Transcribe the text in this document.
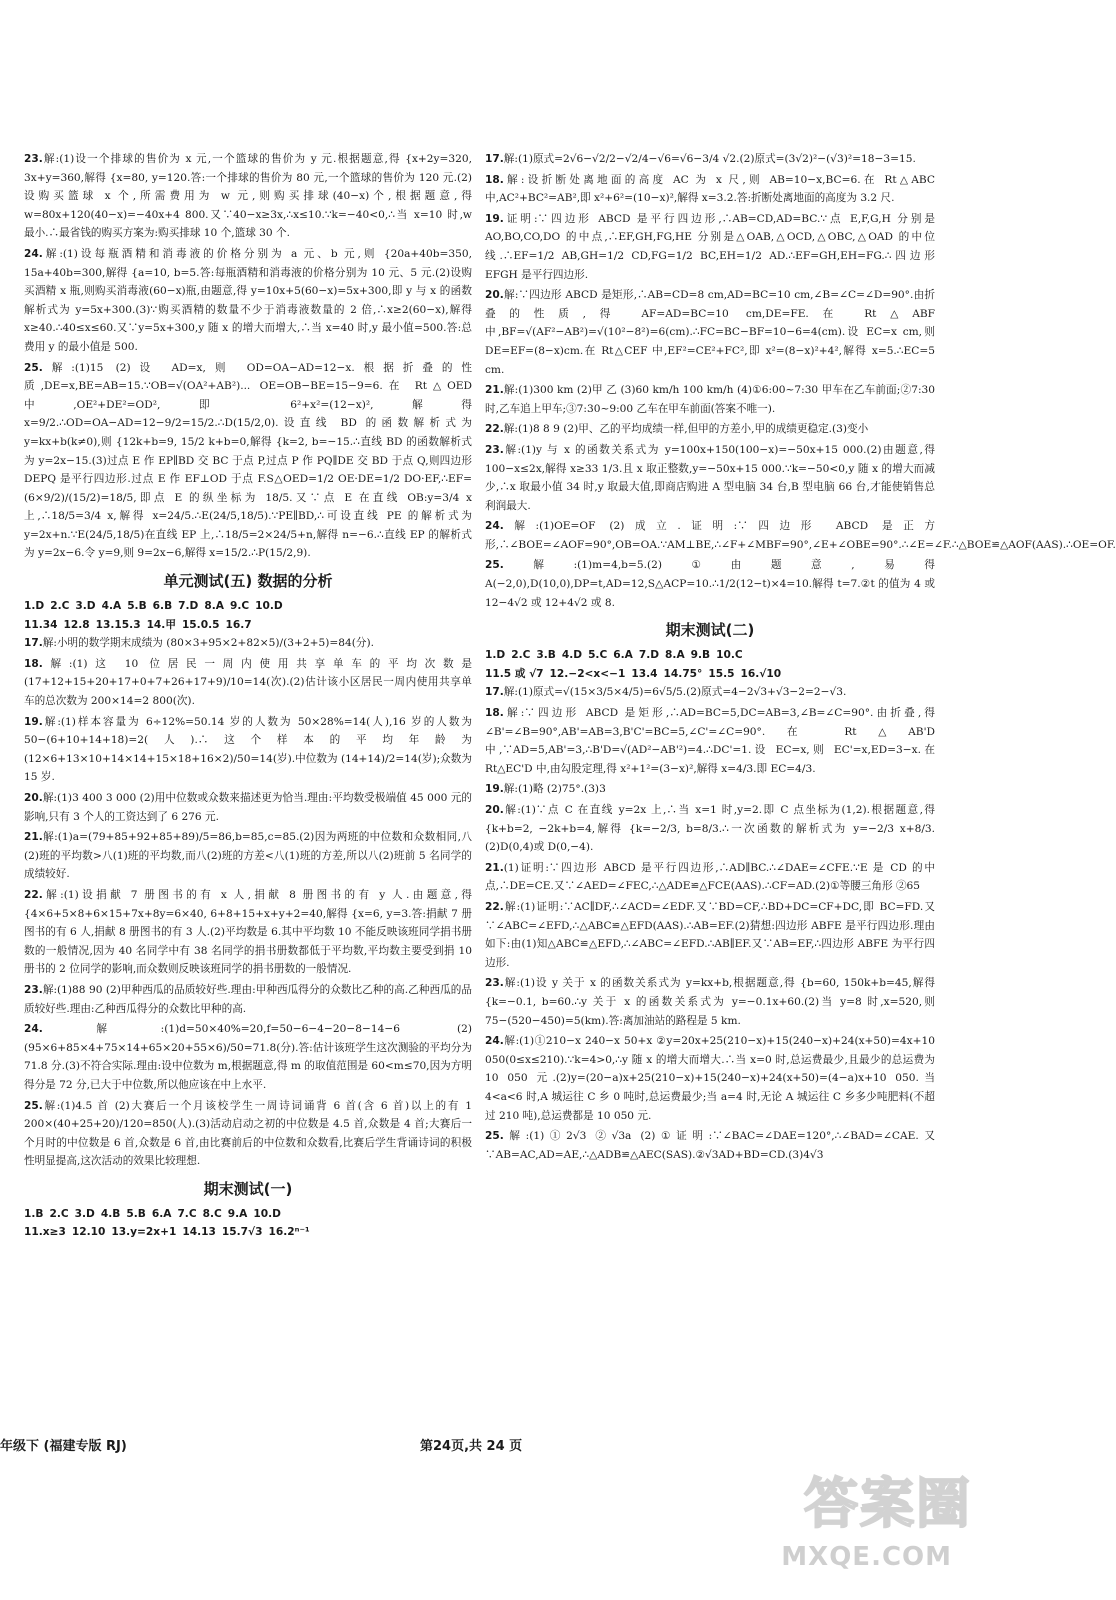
23.解:(1)设一个排球的售价为 x 元,一个篮球的售价为 y 元.根据题意,得 {x+2y=320, 3x+y=360,解得 {x=80, y=120.答:一个排球的售价为 80 元,一个篮球的售价为 120 元.(2)设购买篮球 x 个,所需费用为 w 元,则购买排球(40−x)个,根据题意,得 w=80x+120(40−x)=−40x+4 800.又∵40−x≥3x,∴x≤10.∵k=−40<0,∴当 x=10 时,w 最小.∴最省钱的购买方案为:购买排球 10 个,篮球 30 个.
24.解:(1)设每瓶酒精和消毒液的价格分别为 a 元、b 元,则 {20a+40b=350, 15a+40b=300,解得 {a=10, b=5.答:每瓶酒精和消毒液的价格分别为 10 元、5 元.(2)设购买酒精 x 瓶,则购买消毒液(60−x)瓶,由题意,得 y=10x+5(60−x)=5x+300,即 y 与 x 的函数解析式为 y=5x+300.(3)∵购买酒精的数量不少于消毒液数量的 2 倍,∴x≥2(60−x),解得 x≥40.∴40≤x≤60.又∵y=5x+300,y 随 x 的增大而增大,∴当 x=40 时,y 最小值=500.答:总费用 y 的最小值是 500.
25.解:(1)15 (2)设 AD=x,则 OD=OA−AD=12−x.根据折叠的性质,DE=x,BE=AB=15.∵OB=√(OA²+AB²)... OE=OB−BE=15−9=6.在 Rt△OED 中,OE²+DE²=OD²,即 6²+x²=(12−x)²,解得 x=9/2.∴OD=OA−AD=12−9/2=15/2.∴D(15/2,0).设直线 BD 的函数解析式为 y=kx+b(k≠0),则 {12k+b=9, 15/2 k+b=0,解得 {k=2, b=−15.∴直线 BD 的函数解析式为 y=2x−15.(3)过点 E 作 EP∥BD 交 BC 于点 P,过点 P 作 PQ∥DE 交 BD 于点 Q,则四边形 DEPQ 是平行四边形.过点 E 作 EF⊥OD 于点 F.S△OED=1/2 OE·DE=1/2 DO·EF,∴EF=(6×9/2)/(15/2)=18/5,即点 E 的纵坐标为 18/5.又∵点 E 在直线 OB:y=3/4 x 上,∴18/5=3/4 x,解得 x=24/5.∴E(24/5,18/5).∵PE∥BD,∴可设直线 PE 的解析式为 y=2x+n.∵E(24/5,18/5)在直线 EP 上,∴18/5=2×24/5+n,解得 n=−6.∴直线 EP 的解析式为 y=2x−6.令 y=9,则 9=2x−6,解得 x=15/2.∴P(15/2,9).
单元测试(五) 数据的分析
1.D 2.C 3.D 4.A 5.B 6.B 7.D 8.A 9.C 10.D
11.34 12.8 13.15.3 14.甲 15.0.5 16.7
17.解:小明的数学期末成绩为 (80×3+95×2+82×5)/(3+2+5)=84(分).
18.解:(1)这 10 位居民一周内使用共享单车的平均次数是 (17+12+15+20+17+0+7+26+17+9)/10=14(次).(2)估计该小区居民一周内使用共享单车的总次数为 200×14=2 800(次).
19.解:(1)样本容量为 6÷12%=50.14 岁的人数为 50×28%=14(人),16 岁的人数为 50−(6+10+14+18)=2(人).∴这个样本的平均年龄为 (12×6+13×10+14×14+15×18+16×2)/50=14(岁).中位数为 (14+14)/2=14(岁);众数为 15 岁.
20.解:(1)3 400 3 000 (2)用中位数或众数来描述更为恰当.理由:平均数受极端值 45 000 元的影响,只有 3 个人的工资达到了 6 276 元.
21.解:(1)a=(79+85+92+85+89)/5=86,b=85,c=85.(2)因为两班的中位数和众数相同,八(2)班的平均数>八(1)班的平均数,而八(2)班的方差<八(1)班的方差,所以八(2)班前 5 名同学的成绩较好.
22.解:(1)设捐献 7 册图书的有 x 人,捐献 8 册图书的有 y 人.由题意,得 {4×6+5×8+6×15+7x+8y=6×40, 6+8+15+x+y+2=40,解得 {x=6, y=3.答:捐献 7 册图书的有 6 人,捐献 8 册图书的有 3 人.(2)平均数是 6.其中平均数 10 不能反映该班同学捐书册数的一般情况,因为 40 名同学中有 38 名同学的捐书册数都低于平均数,平均数主要受到捐 10 册书的 2 位同学的影响,而众数则反映该班同学的捐书册数的一般情况.
23.解:(1)88 90 (2)甲种西瓜的品质较好些.理由:甲种西瓜得分的众数比乙种的高.乙种西瓜的品质较好些.理由:乙种西瓜得分的众数比甲种的高.
24.解:(1)d=50×40%=20,f=50−6−4−20−8−14−6 (2)(95×6+85×4+75×14+65×20+55×6)/50=71.8(分).答:估计该班学生这次测验的平均分为 71.8 分.(3)不符合实际.理由:设中位数为 m,根据题意,得 m 的取值范围是 60<m≤70,因为方明得分是 72 分,已大于中位数,所以他应该在中上水平.
25.解:(1)4.5 首 (2)大赛后一个月该校学生一周诗词诵背 6 首(含 6 首)以上的有 1 200×(40+25+20)/120=850(人).(3)活动启动之初的中位数是 4.5 首,众数是 4 首;大赛后一个月时的中位数是 6 首,众数是 6 首,由比赛前后的中位数和众数看,比赛后学生背诵诗词的积极性明显提高,这次活动的效果比较理想.
期末测试(一)
1.B 2.C 3.D 4.B 5.B 6.A 7.C 8.C 9.A 10.D
11.x≥3 12.10 13.y=2x+1 14.13 15.7√3 16.2ⁿ⁻¹
17.解:(1)原式=2√6−√2/2−√2/4−√6=√6−3/4 √2.(2)原式=(3√2)²−(√3)²=18−3=15.
18.解:设折断处离地面的高度 AC 为 x 尺,则 AB=10−x,BC=6.在 Rt△ABC 中,AC²+BC²=AB²,即 x²+6²=(10−x)²,解得 x=3.2.答:折断处离地面的高度为 3.2 尺.
19.证明:∵四边形 ABCD 是平行四边形,∴AB=CD,AD=BC.∵点 E,F,G,H 分别是 AO,BO,CO,DO 的中点,∴EF,GH,FG,HE 分别是△OAB,△OCD,△OBC,△OAD 的中位线.∴EF=1/2 AB,GH=1/2 CD,FG=1/2 BC,EH=1/2 AD.∴EF=GH,EH=FG.∴四边形 EFGH 是平行四边形.
20.解:∵四边形 ABCD 是矩形,∴AB=CD=8 cm,AD=BC=10 cm,∠B=∠C=∠D=90°.由折叠的性质,得 AF=AD=BC=10 cm,DE=FE.在 Rt△ABF 中,BF=√(AF²−AB²)=√(10²−8²)=6(cm).∴FC=BC−BF=10−6=4(cm).设 EC=x cm,则 DE=EF=(8−x)cm.在 Rt△CEF 中,EF²=CE²+FC²,即 x²=(8−x)²+4²,解得 x=5.∴EC=5 cm.
21.解:(1)300 km (2)甲 乙 (3)60 km/h 100 km/h (4)①6:00~7:30 甲车在乙车前面;②7:30 时,乙车追上甲车;③7:30~9:00 乙车在甲车前面(答案不唯一).
22.解:(1)8 8 9 (2)甲、乙的平均成绩一样,但甲的方差小,甲的成绩更稳定.(3)变小
23.解:(1)y 与 x 的函数关系式为 y=100x+150(100−x)=−50x+15 000.(2)由题意,得 100−x≤2x,解得 x≥33 1/3.且 x 取正整数,y=−50x+15 000.∵k=−50<0,y 随 x 的增大而减少,∴x 取最小值 34 时,y 取最大值,即商店购进 A 型电脑 34 台,B 型电脑 66 台,才能使销售总利润最大.
24.解:(1)OE=OF (2)成立.证明:∵四边形 ABCD 是正方形,∴∠BOE=∠AOF=90°,OB=OA.∵AM⊥BE,∴∠F+∠MBF=90°,∠E+∠OBE=90°.∴∠E=∠F.∴△BOE≌△AOF(AAS).∴OE=OF.
25.解:(1)m=4,b=5.(2)①由题意,易得 A(−2,0),D(10,0),DP=t,AD=12,S△ACP=10.∴1/2(12−t)×4=10.解得 t=7.②t 的值为 4 或 12−4√2 或 12+4√2 或 8.
期末测试(二)
1.D 2.C 3.B 4.D 5.C 6.A 7.D 8.A 9.B 10.C
11.5 或 √7 12.−2<x<−1 13.4 14.75° 15.5 16.√10
17.解:(1)原式=√(15×3/5×4/5)=6√5/5.(2)原式=4−2√3+√3−2=2−√3.
18.解:∵四边形 ABCD 是矩形,∴AD=BC=5,DC=AB=3,∠B=∠C=90°.由折叠,得∠B'=∠B=90°,AB'=AB=3,B'C'=BC=5,∠C'=∠C=90°.在 Rt△AB'D 中,∵AD=5,AB'=3,∴B'D=√(AD²−AB'²)=4.∴DC'=1.设 EC=x,则 EC'=x,ED=3−x.在 Rt△EC'D 中,由勾股定理,得 x²+1²=(3−x)²,解得 x=4/3.即 EC=4/3.
19.解:(1)略 (2)75°.(3)3
20.解:(1)∵点 C 在直线 y=2x 上,∴当 x=1 时,y=2.即 C 点坐标为(1,2).根据题意,得 {k+b=2, −2k+b=4,解得 {k=−2/3, b=8/3.∴一次函数的解析式为 y=−2/3 x+8/3.(2)D(0,4)或 D(0,−4).
21.(1)证明:∵四边形 ABCD 是平行四边形,∴AD∥BC.∴∠DAE=∠CFE.∵E 是 CD 的中点,∴DE=CE.又∵∠AED=∠FEC,∴△ADE≌△FCE(AAS).∴CF=AD.(2)①等腰三角形 ②65
22.解:(1)证明:∵AC∥DF,∴∠ACD=∠EDF.又∵BD=CF,∴BD+DC=CF+DC,即 BC=FD.又∵∠ABC=∠EFD,∴△ABC≌△EFD(AAS).∴AB=EF.(2)猜想:四边形 ABFE 是平行四边形.理由如下:由(1)知△ABC≌△EFD,∴∠ABC=∠EFD.∴AB∥EF.又∵AB=EF,∴四边形 ABFE 为平行四边形.
23.解:(1)设 y 关于 x 的函数关系式为 y=kx+b,根据题意,得 {b=60, 150k+b=45,解得 {k=−0.1, b=60.∴y 关于 x 的函数关系式为 y=−0.1x+60.(2)当 y=8 时,x=520,则 75−(520−450)=5(km).答:离加油站的路程是 5 km.
24.解:(1)①210−x 240−x 50+x ②y=20x+25(210−x)+15(240−x)+24(x+50)=4x+10 050(0≤x≤210).∵k=4>0,∴y 随 x 的增大而增大.∴当 x=0 时,总运费最少,且最少的总运费为 10 050 元.(2)y=(20−a)x+25(210−x)+15(240−x)+24(x+50)=(4−a)x+10 050.当 4<a<6 时,A 城运往 C 乡 0 吨时,总运费最少;当 a=4 时,无论 A 城运往 C 乡多少吨肥料(不超过 210 吨),总运费都是 10 050 元.
25.解:(1)①2√3 ②√3a (2)①证明:∵∠BAC=∠DAE=120°,∴∠BAD=∠CAE.又∵AB=AC,AD=AE,∴△ADB≌△AEC(SAS).②√3AD+BD=CD.(3)4√3
年级下 (福建专版 RJ)	第24页,共 24 页
答案圈
MXQE.COM
